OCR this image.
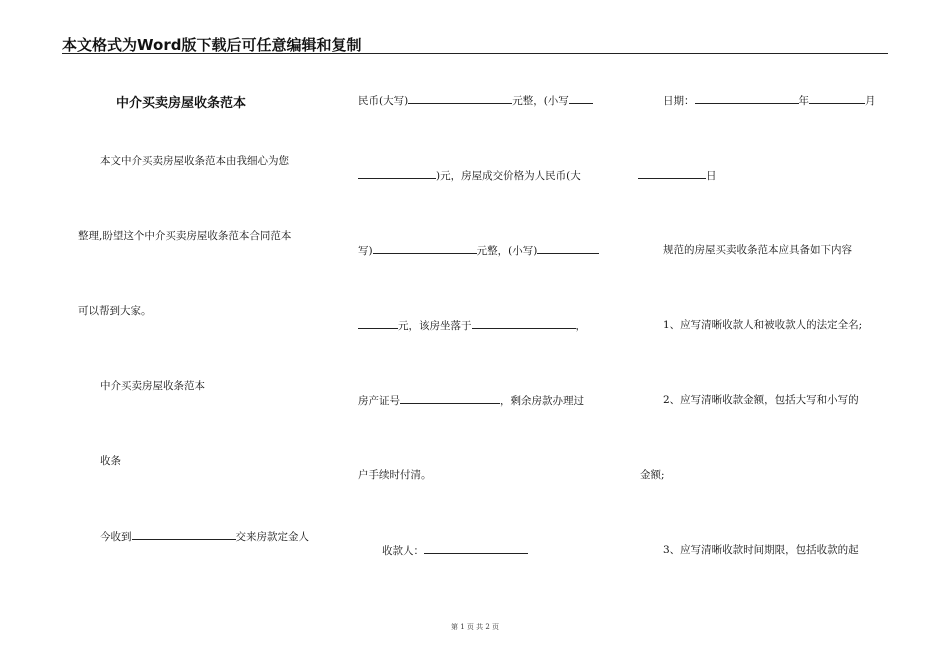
本文格式为Word版下载后可任意编辑和复制
中介买卖房屋收条范本
本文中介买卖房屋收条范本由我细心为您
整理,盼望这个中介买卖房屋收条范本合同范本
可以帮到大家。
中介买卖房屋收条范本
收条
今收到	交来房款定金人
民币(大写)	元整，(小写
)元，房屋成交价格为人民币(大
写)	元整，(小写)
元，该房坐落于	，
房产证号	，剩余房款办理过
户手续时付清。
收款人：
日期：	年	月
日
规范的房屋买卖收条范本应具备如下内容
1、应写清晰收款人和被收款人的法定全名;
2、应写清晰收款金额，包括大写和小写的
金额;
3、应写清晰收款时间期限，包括收款的起
第 1 页 共 2 页
